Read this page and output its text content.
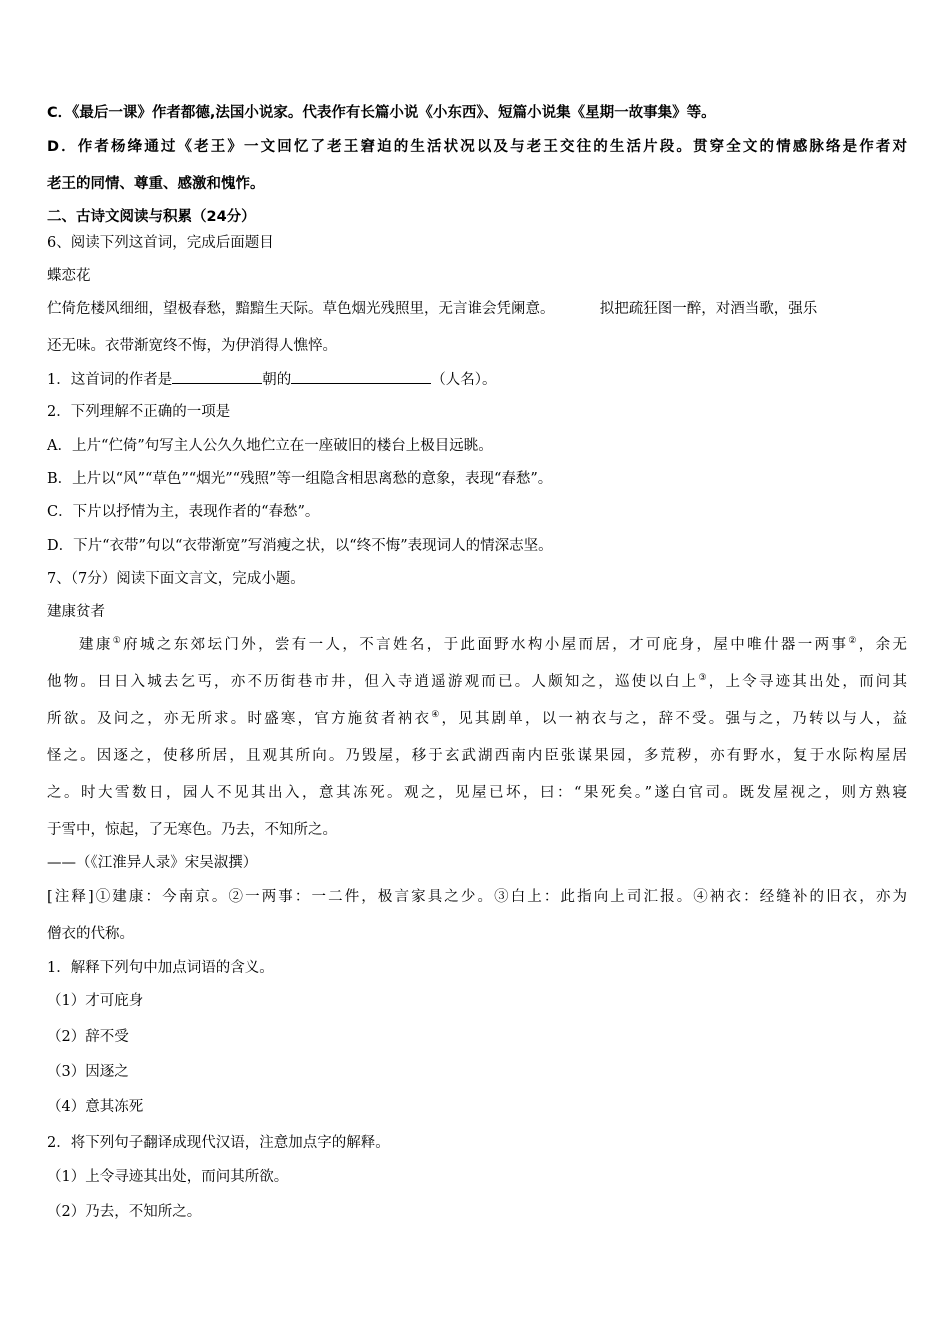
C．《最后一课》作者都德,法国小说家。代表作有长篇小说《小东西》、短篇小说集《星期一故事集》等。
D．作者杨绛通过《老王》一文回忆了老王窘迫的生活状况以及与老王交往的生活片段。贯穿全文的情感脉络是作者对
老王的同情、尊重、感激和愧怍。
二、古诗文阅读与积累（24分）
6、阅读下列这首词，完成后面题目
蝶恋花
伫倚危楼风细细，望极春愁，黯黯生天际。草色烟光残照里，无言谁会凭阑意。	拟把疏狂图一醉，对酒当歌，强乐
还无味。衣带渐宽终不悔，为伊消得人憔悴。
1．这首词的作者是	朝的	（人名）。
2．下列理解不正确的一项是
A．上片“伫倚”句写主人公久久地伫立在一座破旧的楼台上极目远眺。
B．上片以“风”“草色”“烟光”“残照”等一组隐含相思离愁的意象，表现“春愁”。
C．下片以抒情为主，表现作者的“春愁”。
D．下片“衣带”句以“衣带渐宽”写消瘦之状，以“终不悔”表现词人的情深志坚。
7、（7分）阅读下面文言文，完成小题。
建康贫者
建康①府城之东郊坛门外，尝有一人，不言姓名，于此面野水构小屋而居，才可庇身，屋中唯什器一两事②，余无
他物。日日入城去乞丐，亦不历街巷市井，但入寺逍遥游观而已。人颇知之，巡使以白上③，上令寻迹其出处，而问其
所欲。及问之，亦无所求。时盛寒，官方施贫者衲衣④，见其剧单，以一衲衣与之，辞不受。强与之，乃转以与人，益
怪之。因逐之，使移所居，且观其所向。乃毁屋，移于玄武湖西南内臣张谋果园，多荒秽，亦有野水，复于水际构屋居
之。时大雪数日，园人不见其出入，意其冻死。观之，见屋已坏，曰：“果死矣。”遂白官司。既发屋视之，则方熟寝
于雪中，惊起，了无寒色。乃去，不知所之。
——（《江淮异人录》宋吴淑撰）
[注释]①建康：今南京。②一两事：一二件，极言家具之少。③白上：此指向上司汇报。④衲衣：经缝补的旧衣，亦为
僧衣的代称。
1．解释下列句中加点词语的含义。
（1）才可庇身
（2）辞不受
（3）因逐之
（4）意其冻死
2．将下列句子翻译成现代汉语，注意加点字的解释。
（1）上令寻迹其出处，而问其所欲。
（2）乃去，不知所之。
